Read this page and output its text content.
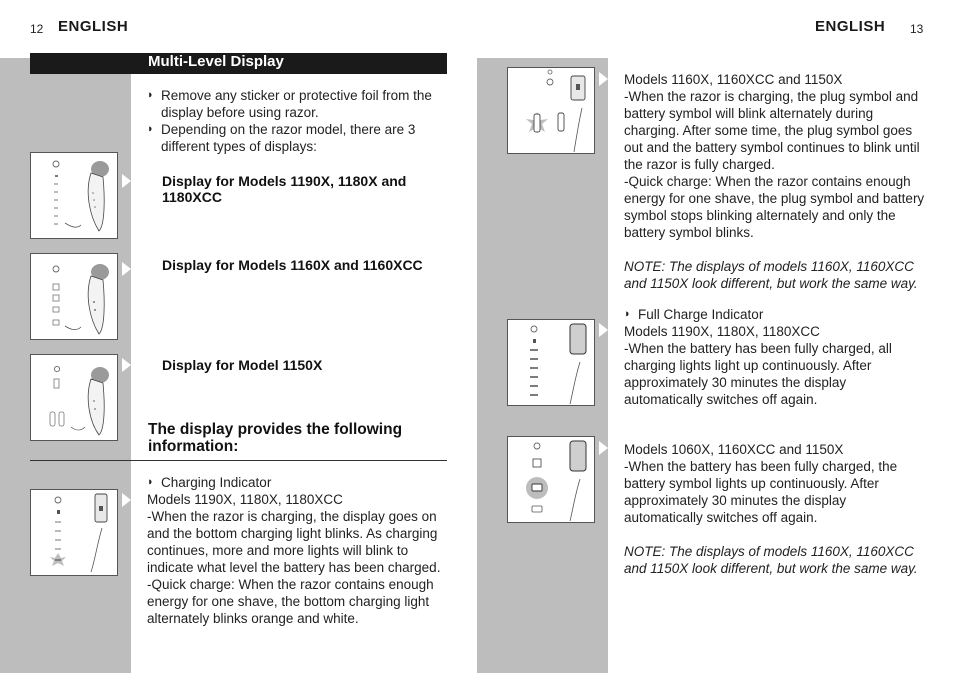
12 ENGLISH	ENGLISH 13
Multi-Level Display

◗ Remove any sticker or protective foil from the display before using razor.

◗ Depending on the razor model, there are 3 different types of displays:

Display for Models 1190X, 1180X and 1180XCC
Display for Models 1160X and 1160XCC
Display for Model 1150X
The display provides the following information:

◗ Charging Indicator

Models 1190X, 1180X, 1180XCC

-When the razor is charging, the display goes on and the bottom charging light blinks. As charging continues, more and more lights will blink to indicate what level the battery has been charged.

-Quick charge: When the razor contains enough energy for one shave, the bottom charging light alternately blinks orange and white.

Models 1160X, 1160XCC and 1150X

-When the razor is charging, the plug symbol and battery symbol will blink alternately during charging. After some time, the plug symbol goes out and the battery symbol continues to blink until the razor is fully charged.

-Quick charge: When the razor contains enough energy for one shave, the plug symbol and battery symbol stops blinking alternately and only the battery symbol blinks.

NOTE: The displays of models 1160X, 1160XCC and 1150X look different, but work the same way.

◗ Full Charge Indicator

Models 1190X, 1180X, 1180XCC

-When the battery has been fully charged, all charging lights light up continuously. After approximately 30 minutes the display automatically switches off again.

Models 1060X, 1160XCC and 1150X

-When the battery has been fully charged, the battery symbol lights up continuously. After approximately 30 minutes the display automatically switches off again.

NOTE: The displays of models 1160X, 1160XCC and 1150X look different, but work the same way.
